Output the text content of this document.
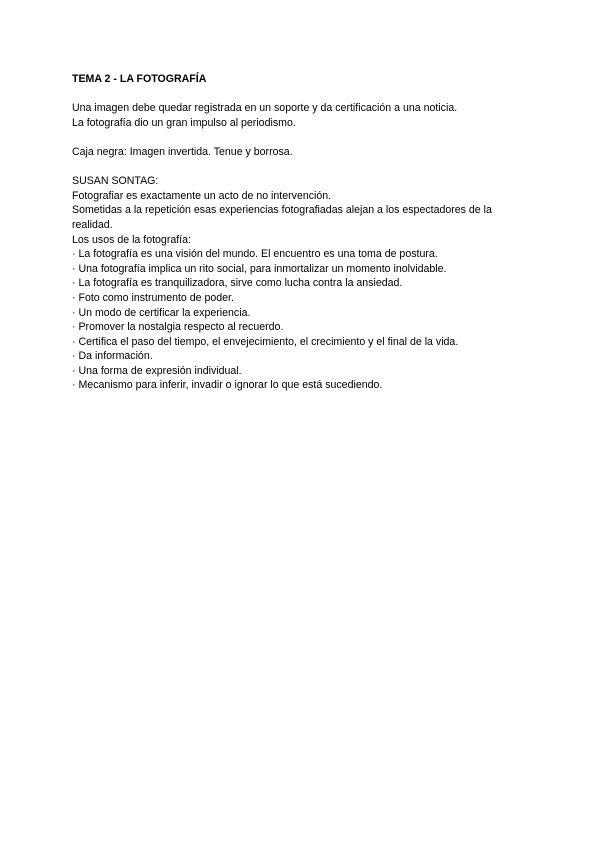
TEMA 2 - LA FOTOGRAFÍA

Una imagen debe quedar registrada en un soporte y da certificación a una noticia.

La fotografía dio un gran impulso al periodismo.

Caja negra: Imagen invertida. Tenue y borrosa.

SUSAN SONTAG:

Fotografiar es exactamente un acto de no intervención.

Sometidas a la repetición esas experiencias fotografiadas alejan a los espectadores de la realidad.

Los usos de la fotografía:

· La fotografía es una visión del mundo. El encuentro es una toma de postura.

· Una fotografía implica un rito social, para inmortalizar un momento inolvidable.

· La fotografía es tranquilizadora, sirve como lucha contra la ansiedad.

· Foto como instrumento de poder.

· Un modo de certificar la experiencia.

· Promover la nostalgia respecto al recuerdo.

· Certifica el paso del tiempo, el envejecimiento, el crecimiento y el final de la vida.

· Da información.

· Una forma de expresión individual.

· Mecanismo para inferir, invadir o ignorar lo que está sucediendo.
